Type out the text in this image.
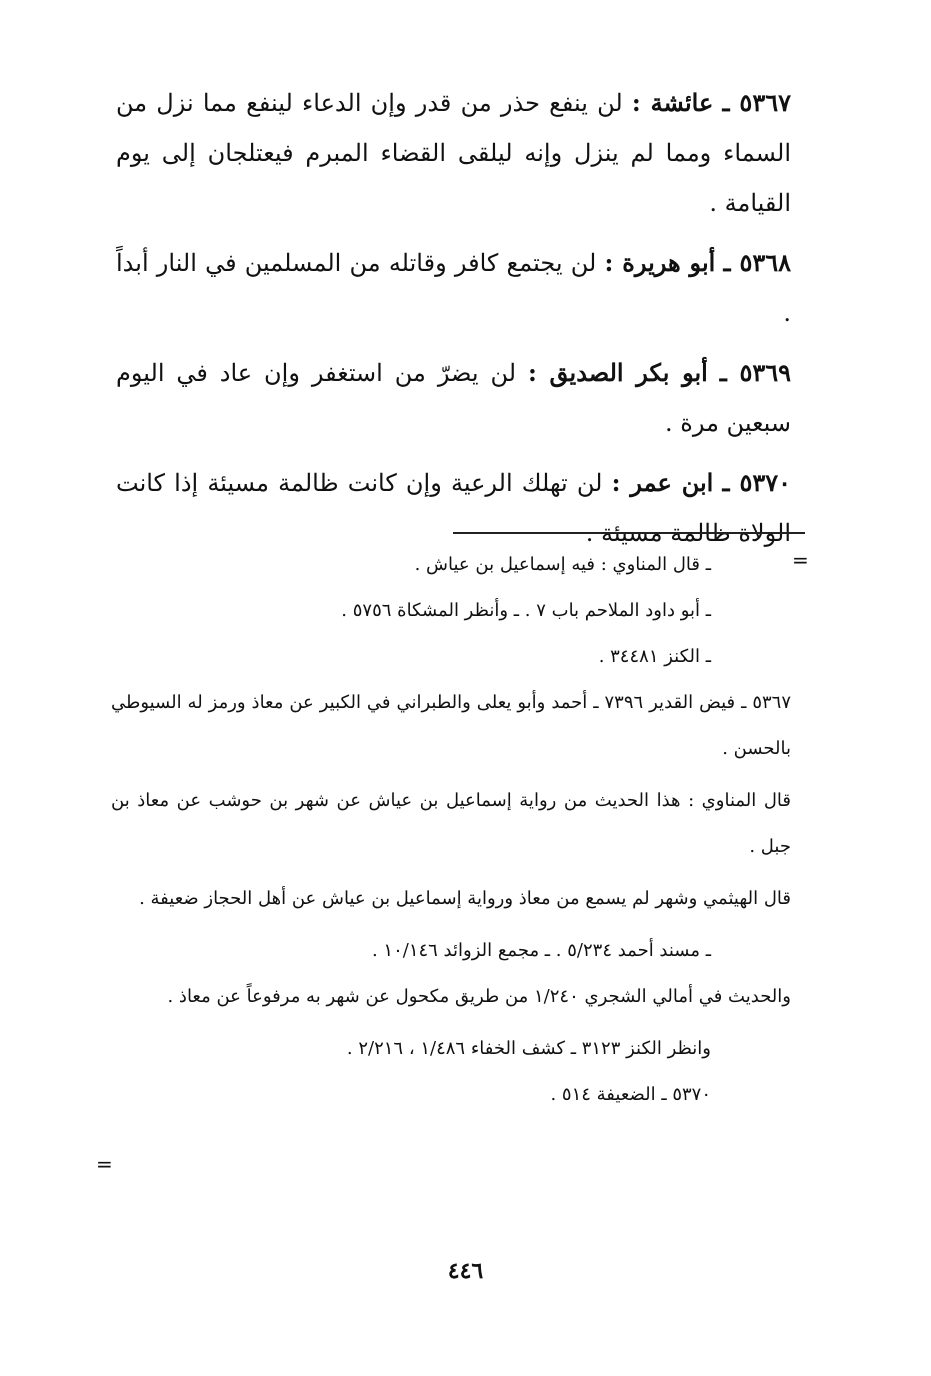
٥٣٦٧ ـ عائشة : لن ينفع حذر من قدر وإن الدعاء لينفع مما نزل من السماء ومما لم ينزل وإنه ليلقى القضاء المبرم فيعتلجان إلى يوم القيامة .

٥٣٦٨ ـ أبو هريرة : لن يجتمع كافر وقاتله من المسلمين في النار أبداً .

٥٣٦٩ ـ أبو بكر الصديق : لن يضرّ من استغفر وإن عاد في اليوم سبعين مرة .

٥٣٧٠ ـ ابن عمر : لن تهلك الرعية وإن كانت ظالمة مسيئة إذا كانت الولاة ظالمة مسيئة .

=
=

ـ قال المناوي : فيه إسماعيل بن عياش .

ـ أبو داود الملاحم باب ٧ . ـ وأنظر المشكاة ٥٧٥٦ .

ـ الكنز ٣٤٤٨١ .

٥٣٦٧ ـ فيض القدير ٧٣٩٦ ـ أحمد وأبو يعلى والطبراني في الكبير عن معاذ ورمز له السيوطي بالحسن .

قال المناوي : هذا الحديث من رواية إسماعيل بن عياش عن شهر بن حوشب عن معاذ بن جبل .

قال الهيثمي وشهر لم يسمع من معاذ ورواية إسماعيل بن عياش عن أهل الحجاز ضعيفة .

ـ مسند أحمد ٥/٢٣٤ . ـ مجمع الزوائد ١٠/١٤٦ .

والحديث في أمالي الشجري ١/٢٤٠ من طريق مكحول عن شهر به مرفوعاً عن معاذ .

وانظر الكنز ٣١٢٣ ـ كشف الخفاء ١/٤٨٦ ، ٢/٢١٦ .

٥٣٧٠ ـ الضعيفة ٥١٤ .

٤٤٦
